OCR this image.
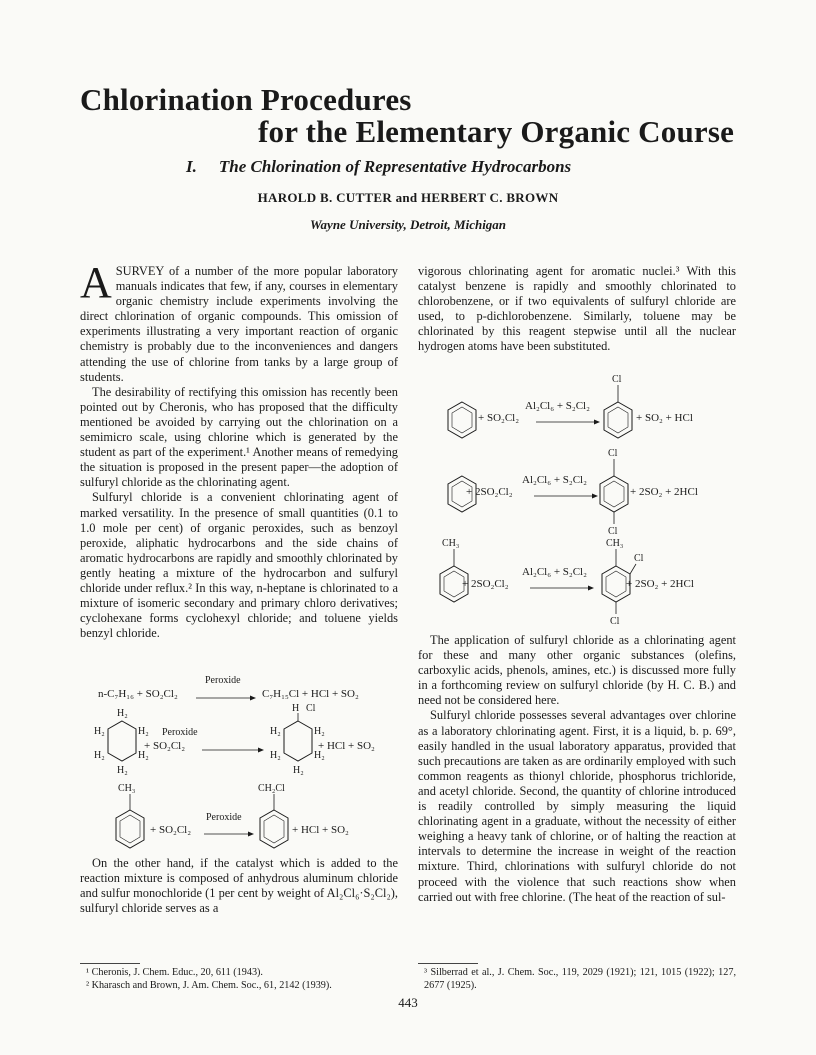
Chlorination Procedures
for the Elementary Organic Course
I. The Chlorination of Representative Hydrocarbons
HAROLD B. CUTTER and HERBERT C. BROWN
Wayne University, Detroit, Michigan

ASURVEY of a number of the more popular laboratory manuals indicates that few, if any, courses in elementary organic chemistry include experiments involving the direct chlorination of organic compounds. This omission of experiments illustrating a very important reaction of organic chemistry is probably due to the inconveniences and dangers attending the use of chlorine from tanks by a large group of students.

The desirability of rectifying this omission has recently been pointed out by Cheronis, who has proposed that the difficulty mentioned be avoided by carrying out the chlorination on a semimicro scale, using chlorine which is generated by the student as part of the experiment.¹ Another means of remedying the situation is proposed in the present paper—the adoption of sulfuryl chloride as the chlorinating agent.

Sulfuryl chloride is a convenient chlorinating agent of marked versatility. In the presence of small quantities (0.1 to 1.0 mole per cent) of organic peroxides, such as benzoyl peroxide, aliphatic hydrocarbons and the side chains of aromatic hydrocarbons are rapidly and smoothly chlorinated by gently heating a mixture of the hydrocarbon and sulfuryl chloride under reflux.² In this way, n-heptane is chlorinated to a mixture of isomeric secondary and primary chloro derivatives; cyclohexane forms cyclohexyl chloride; and toluene yields benzyl chloride.

Peroxide
n-C₇H₁₆ + SO₂Cl₂ → C₇H₁₅Cl + HCl + SO₂
H₂
H₂	H₂
H₂	H₂
H₂
H Cl
H₂	H₂
H₂	H₂
H₂
Peroxide
+ SO₂Cl₂ →	+ HCl + SO₂
CH₃	CH₂Cl
Peroxide
+ SO₂Cl₂ →	+ HCl + SO₂

On the other hand, if the catalyst which is added to the reaction mixture is composed of anhydrous aluminum chloride and sulfur monochloride (1 per cent by weight of Al₂Cl₆·S₂Cl₂), sulfuryl chloride serves as a

vigorous chlorinating agent for aromatic nuclei.³ With this catalyst benzene is rapidly and smoothly chlorinated to chlorobenzene, or if two equivalents of sulfuryl chloride are used, to p-dichlorobenzene. Similarly, toluene may be chlorinated by this reagent stepwise until all the nuclear hydrogen atoms have been substituted.

Cl
Al₂Cl₆ + S₂Cl₂
+ SO₂Cl₂ →	+ SO₂ + HCl
Cl
Cl
Al₂Cl₆ + S₂Cl₂
+ 2SO₂Cl₂ →	+ 2SO₂ + 2HCl
CH₃	CH₃
Cl
Cl
Al₂Cl₆ + S₂Cl₂
+ 2SO₂Cl₂ →	+ 2SO₂ + 2HCl

The application of sulfuryl chloride as a chlorinating agent for these and many other organic substances (olefins, carboxylic acids, phenols, amines, etc.) is discussed more fully in a forthcoming review on sulfuryl chloride (by H. C. B.) and need not be considered here.

Sulfuryl chloride possesses several advantages over chlorine as a laboratory chlorinating agent. First, it is a liquid, b. p. 69°, easily handled in the usual laboratory apparatus, provided that such precautions are taken as are ordinarily employed with such common reagents as thionyl chloride, phosphorus trichloride, and acetyl chloride. Second, the quantity of chlorine introduced is readily controlled by simply measuring the liquid chlorinating agent in a graduate, without the necessity of either weighing a heavy tank of chlorine, or of halting the reaction at intervals to determine the increase in weight of the reaction mixture. Third, chlorinations with sulfuryl chloride do not proceed with the violence that such reactions show when carried out with free chlorine. (The heat of the reaction of sul-

¹ Cheronis, J. Chem. Educ., 20, 611 (1943).
² Kharasch and Brown, J. Am. Chem. Soc., 61, 2142 (1939).
³ Silberrad et al., J. Chem. Soc., 119, 2029 (1921); 121, 1015 (1922); 127, 2677 (1925).
443
